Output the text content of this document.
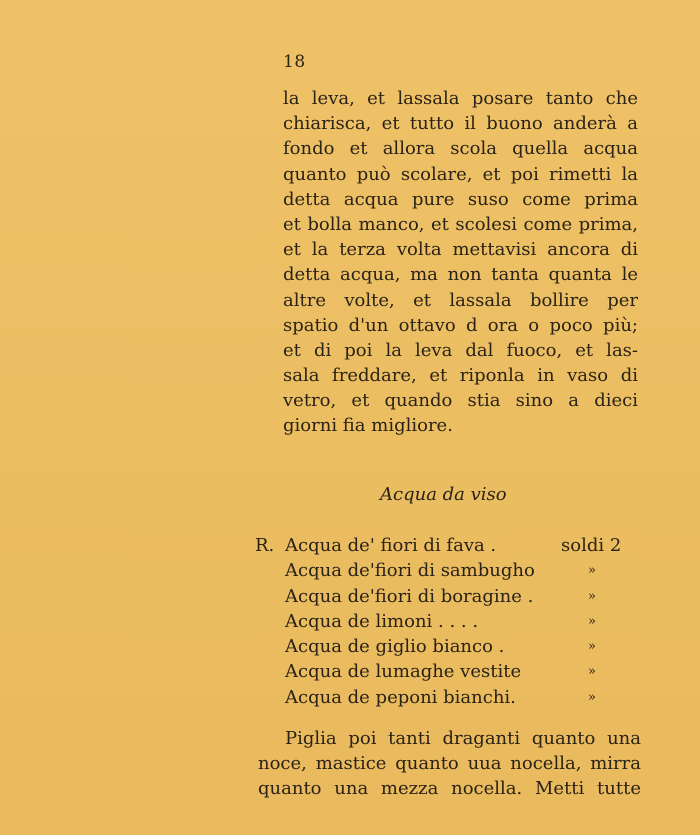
18
la leva, et lassala posare tanto che
chiarisca, et tutto il buono anderà a
fondo et allora scola quella acqua
quanto può scolare, et poi rimetti la
detta acqua pure suso come prima
et bolla manco, et scolesi come prima,
et la terza volta mettavisi ancora di
detta acqua, ma non tanta quanta le
altre volte, et lassala bollire per
spatio d'un ottavo d ora o poco più;
et di poi la leva dal fuoco, et las-
sala freddare, et riponla in vaso di
vetro, et quando stia sino a dieci
giorni fia migliore.
Acqua da viso
R. Acqua de' fiori di fava .	soldi 2
Acqua de'fiori di sambugho	»
Acqua de'fiori di boragine .	»
Acqua de limoni . . . .	»
Acqua de giglio bianco .	»
Acqua de lumaghe vestite	»
Acqua de peponi bianchi.	»
Piglia poi tanti draganti quanto una
noce, mastice quanto uua nocella, mirra
quanto una mezza nocella. Metti tutte
